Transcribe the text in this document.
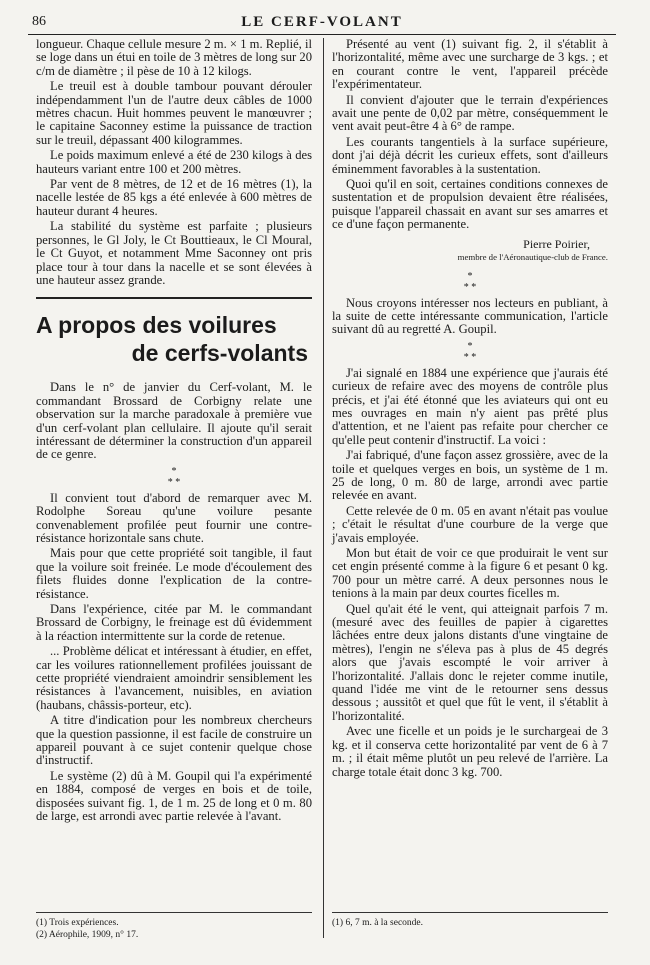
86	LE CERF-VOLANT

longueur. Chaque cellule mesure 2 m. × 1 m. Replié, il se loge dans un étui en toile de 3 mètres de long sur 20 c/m de diamètre ; il pèse de 10 à 12 kilogs.

Le treuil est à double tambour pouvant dérouler indépendamment l'un de l'autre deux câbles de 1000 mètres chacun. Huit hommes peuvent le manœuvrer ; le capitaine Saconney estime la puissance de traction sur le treuil, dépassant 400 kilogrammes.

Le poids maximum enlevé a été de 230 kilogs à des hauteurs variant entre 100 et 200 mètres.

Par vent de 8 mètres, de 12 et de 16 mètres (1), la nacelle lestée de 85 kgs a été enlevée à 600 mètres de hauteur durant 4 heures.

La stabilité du système est parfaite ; plusieurs personnes, le Gl Joly, le Ct Bouttieaux, le Cl Moural, le Ct Guyot, et notamment Mme Saconney ont pris place tour à tour dans la nacelle et se sont élevées à une hauteur assez grande.

A propos des voilures
de cerfs-volants

Dans le n° de janvier du Cerf-volant, M. le commandant Brossard de Corbigny relate une observation sur la marche paradoxale à première vue d'un cerf-volant plan cellulaire. Il ajoute qu'il serait intéressant de déterminer la construction d'un appareil de ce genre.

*
* *

Il convient tout d'abord de remarquer avec M. Rodolphe Soreau qu'une voilure pesante convenablement profilée peut fournir une contre-résistance horizontale sans chute.

Mais pour que cette propriété soit tangible, il faut que la voilure soit freinée. Le mode d'écoulement des filets fluides donne l'explication de la contre-résistance.

Dans l'expérience, citée par M. le commandant Brossard de Corbigny, le freinage est dû évidemment à la réaction intermittente sur la corde de retenue.

... Problème délicat et intéressant à étudier, en effet, car les voilures rationnellement profilées jouissant de cette propriété viendraient amoindrir sensiblement les résistances à l'avancement, nuisibles, en aviation (haubans, châssis-porteur, etc).

A titre d'indication pour les nombreux chercheurs que la question passionne, il est facile de construire un appareil pouvant à ce sujet contenir quelque chose d'instructif.

Le système (2) dû à M. Goupil qui l'a expérimenté en 1884, composé de verges en bois et de toile, disposées suivant fig. 1, de 1 m. 25 de long et 0 m. 80 de large, est arrondi avec partie relevée à l'avant.

Présenté au vent (1) suivant fig. 2, il s'établit à l'horizontalité, même avec une surcharge de 3 kgs. ; et en courant contre le vent, l'appareil précède l'expérimentateur.

Il convient d'ajouter que le terrain d'expériences avait une pente de 0,02 par mètre, conséquemment le vent avait peut-être 4 à 6° de rampe.

Les courants tangentiels à la surface supérieure, dont j'ai déjà décrit les curieux effets, sont d'ailleurs éminemment favorables à la sustentation.

Quoi qu'il en soit, certaines conditions connexes de sustentation et de propulsion devaient être réalisées, puisque l'appareil chassait en avant sur ses amarres et ce d'une façon permanente.

Pierre Poirier,
membre de l'Aéronautique-club de France.
*
* *

Nous croyons intéresser nos lecteurs en publiant, à la suite de cette intéressante communication, l'article suivant dû au regretté A. Goupil.

*
* *

J'ai signalé en 1884 une expérience que j'aurais été curieux de refaire avec des moyens de contrôle plus précis, et j'ai été étonné que les aviateurs qui ont eu mes ouvrages en main n'y aient pas prêté plus d'attention, et ne l'aient pas refaite pour chercher ce qu'elle peut contenir d'instructif. La voici :

J'ai fabriqué, d'une façon assez grossière, avec de la toile et quelques verges en bois, un système de 1 m. 25 de long, 0 m. 80 de large, arrondi avec partie relevée en avant.

Cette relevée de 0 m. 05 en avant n'était pas voulue ; c'était le résultat d'une courbure de la verge que j'avais employée.

Mon but était de voir ce que produirait le vent sur cet engin présenté comme à la figure 6 et pesant 0 kg. 700 pour un mètre carré. A deux personnes nous le tenions à la main par deux courtes ficelles m.

Quel qu'ait été le vent, qui atteignait parfois 7 m. (mesuré avec des feuilles de papier à cigarettes lâchées entre deux jalons distants d'une vingtaine de mètres), l'engin ne s'éleva pas à plus de 45 degrés alors que j'avais escompté le voir arriver à l'horizontalité. J'allais donc le rejeter comme inutile, quand l'idée me vint de le retourner sens dessus dessous ; aussitôt et quel que fût le vent, il s'établit à l'horizontalité.

Avec une ficelle et un poids je le surchargeai de 3 kg. et il conserva cette horizontalité par vent de 6 à 7 m. ; il était même plutôt un peu relevé de l'arrière. La charge totale était donc 3 kg. 700.

(1) Trois expériences.
(2) Aérophile, 1909, n° 17.
(1) 6, 7 m. à la seconde.
